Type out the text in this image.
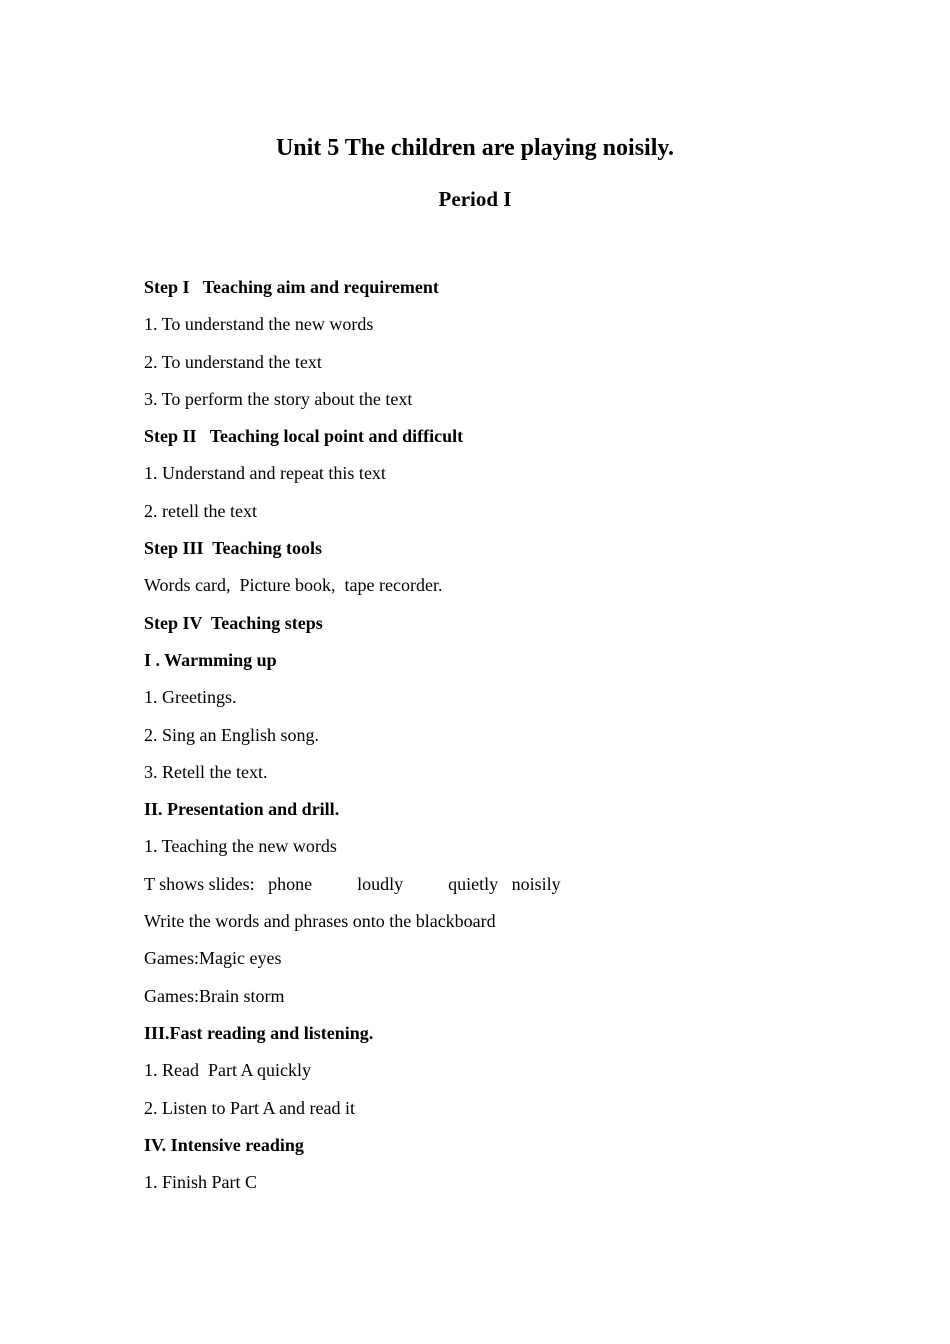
Unit 5 The children are playing noisily.
Period I
Step I   Teaching aim and requirement
1. To understand the new words
2. To understand the text
3. To perform the story about the text
Step II   Teaching local point and difficult
1. Understand and repeat this text
2. retell the text
Step III  Teaching tools
Words card,  Picture book,  tape recorder.
Step IV  Teaching steps
I . Warmming up
1. Greetings.
2. Sing an English song.
3. Retell the text.
II. Presentation and drill.
1. Teaching the new words
T shows slides:   phone          loudly          quietly   noisily
Write the words and phrases onto the blackboard
Games:Magic eyes
Games:Brain storm
III.Fast reading and listening.
1. Read  Part A quickly
2. Listen to Part A and read it
IV. Intensive reading
1. Finish Part C
